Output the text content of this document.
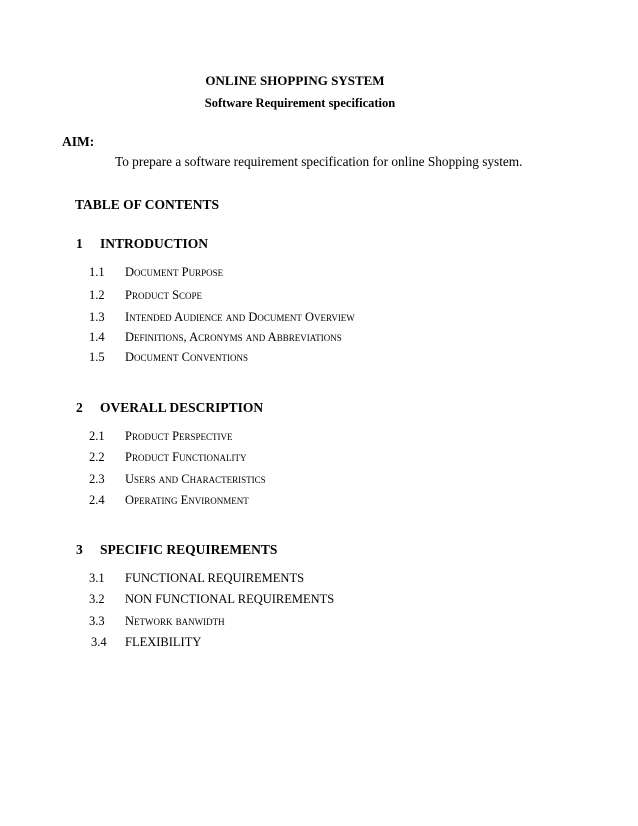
ONLINE SHOPPING SYSTEM
Software Requirement specification
AIM:
To prepare a software requirement specification for online Shopping system.
TABLE OF CONTENTS
1 INTRODUCTION
1.1 Document Purpose
1.2 Product Scope
1.3 Intended Audience and Document Overview
1.4 Definitions, Acronyms and Abbreviations
1.5 Document Conventions
2 OVERALL DESCRIPTION
2.1 Product Perspective
2.2 Product Functionality
2.3 Users and Characteristics
2.4 Operating Environment
3 SPECIFIC REQUIREMENTS
3.1 FUNCTIONAL REQUIREMENTS
3.2 NON FUNCTIONAL REQUIREMENTS
3.3 Network banwidth
3.4 FLEXIBILITY
